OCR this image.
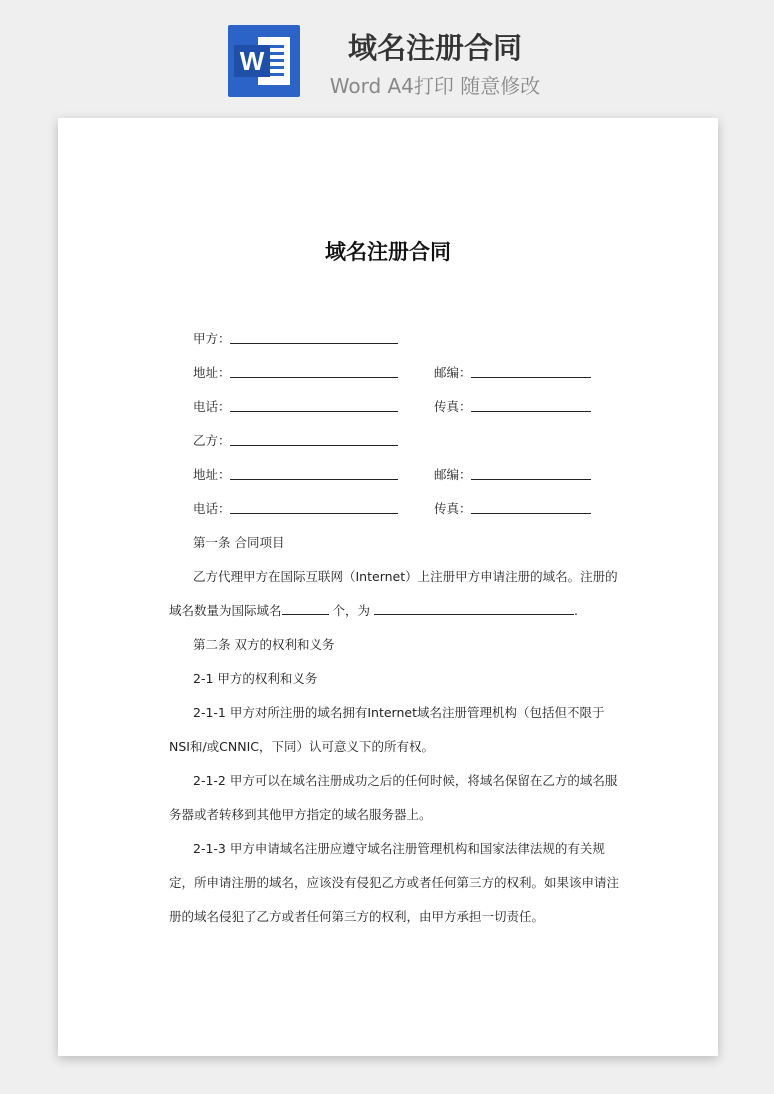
W	域名注册合同
Word A4打印 随意修改
域名注册合同
甲方：
地址：	邮编：
电话：	传真：
乙方：
地址：	邮编：
电话：	传真：
第一条 合同项目
乙方代理甲方在国际互联网（Internet）上注册甲方申请注册的域名。注册的
域名数量为国际域名	个，为	.
第二条 双方的权利和义务
2-1 甲方的权利和义务
2-1-1 甲方对所注册的域名拥有Internet域名注册管理机构（包括但不限于
NSI和/或CNNIC，下同）认可意义下的所有权。
2-1-2 甲方可以在域名注册成功之后的任何时候，将域名保留在乙方的域名服
务器或者转移到其他甲方指定的域名服务器上。
2-1-3 甲方申请域名注册应遵守域名注册管理机构和国家法律法规的有关规
定，所申请注册的域名，应该没有侵犯乙方或者任何第三方的权利。如果该申请注
册的域名侵犯了乙方或者任何第三方的权利，由甲方承担一切责任。
